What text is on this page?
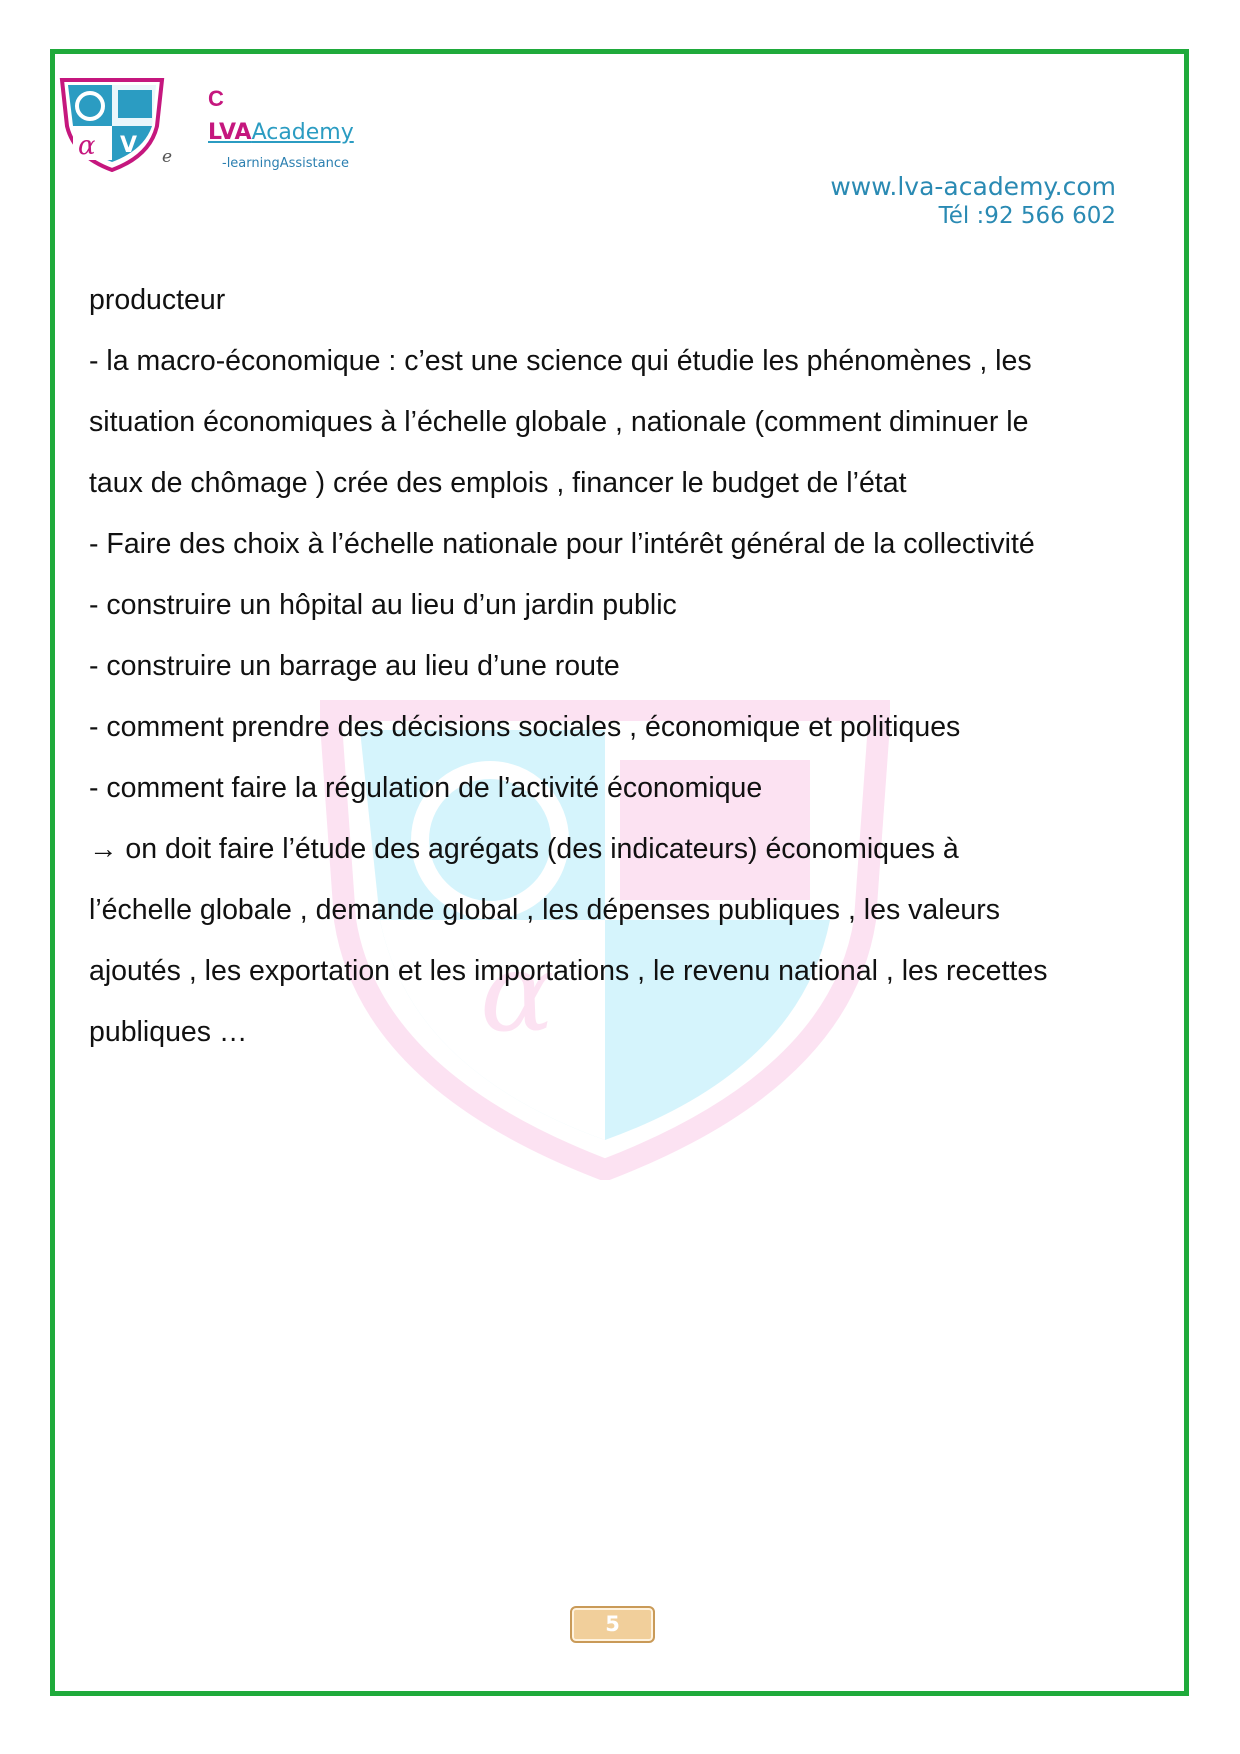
α
α V
C
LVAAcademy
e	-learningAssistance
www.lva-academy.com
Tél :92 566 602

producteur

- la macro-économique : c’est une science qui étudie les phénomènes , les

situation économiques à l’échelle globale , nationale (comment diminuer le

taux de chômage ) crée des emplois , financer le budget de l’état

- Faire des choix à l’échelle nationale pour l’intérêt général de la collectivité

- construire un hôpital au lieu d’un jardin public

- construire un barrage au lieu d’une route

- comment prendre des décisions sociales , économique et politiques

- comment faire la régulation de l’activité économique

→ on doit faire l’étude des agrégats (des indicateurs) économiques à

l’échelle globale , demande global , les dépenses publiques , les valeurs

ajoutés , les exportation et les importations , le revenu national , les recettes

publiques …

5
